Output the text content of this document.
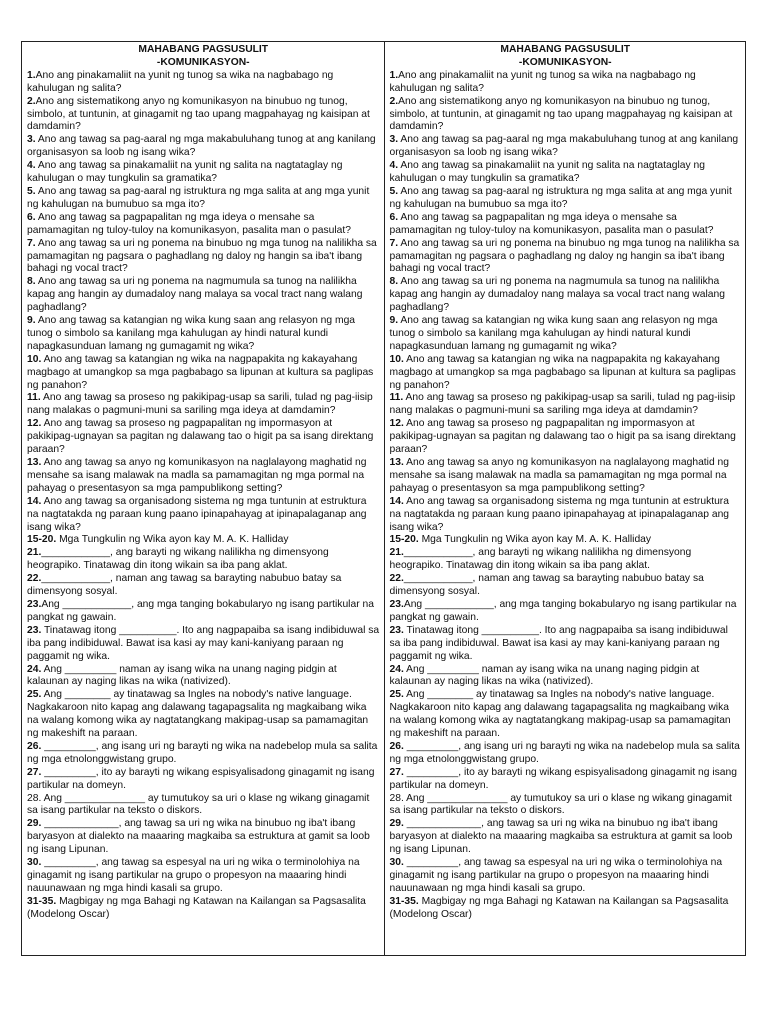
MAHABANG PAGSUSULIT
-KOMUNIKASYON-
1.Ano ang pinakamaliit na yunit ng tunog sa wika na nagbabago ng kahulugan ng salita?
2.Ano ang sistematikong anyo ng komunikasyon na binubuo ng tunog, simbolo, at tuntunin, at ginagamit ng tao upang magpahayag ng kaisipan at damdamin?
3. Ano ang tawag sa pag-aaral ng mga makabuluhang tunog at ang kanilang organisasyon sa loob ng isang wika?
4. Ano ang tawag sa pinakamaliit na yunit ng salita na nagtataglay ng kahulugan o may tungkulin sa gramatika?
5. Ano ang tawag sa pag-aaral ng istruktura ng mga salita at ang mga yunit ng kahulugan na bumubuo sa mga ito?
6. Ano ang tawag sa pagpapalitan ng mga ideya o mensahe sa pamamagitan ng tuloy-tuloy na komunikasyon, pasalita man o pasulat?
7. Ano ang tawag sa uri ng ponema na binubuo ng mga tunog na nalilikha sa pamamagitan ng pagsara o paghadlang ng daloy ng hangin sa iba't ibang bahagi ng vocal tract?
8. Ano ang tawag sa uri ng ponema na nagmumula sa tunog na nalilikha kapag ang hangin ay dumadaloy nang malaya sa vocal tract nang walang paghadlang?
9. Ano ang tawag sa katangian ng wika kung saan ang relasyon ng mga tunog o simbolo sa kanilang mga kahulugan ay hindi natural kundi napagkasunduan lamang ng gumagamit ng wika?
10. Ano ang tawag sa katangian ng wika na nagpapakita ng kakayahang magbago at umangkop sa mga pagbabago sa lipunan at kultura sa paglipas ng panahon?
11. Ano ang tawag sa proseso ng pakikipag-usap sa sarili, tulad ng pag-iisip nang malakas o pagmuni-muni sa sariling mga ideya at damdamin?
12. Ano ang tawag sa proseso ng pagpapalitan ng impormasyon at pakikipag-ugnayan sa pagitan ng dalawang tao o higit pa sa isang direktang paraan?
13. Ano ang tawag sa anyo ng komunikasyon na naglalayong maghatid ng mensahe sa isang malawak na madla sa pamamagitan ng mga pormal na pahayag o presentasyon sa mga pampublikong setting?
14. Ano ang tawag sa organisadong sistema ng mga tuntunin at estruktura na nagtatakda ng paraan kung paano ipinapahayag at ipinapalaganap ang isang wika?
15-20. Mga Tungkulin ng Wika ayon kay M. A. K. Halliday
21.____________, ang barayti ng wikang nalilikha ng dimensyong heograpiko. Tinatawag din itong wikain sa iba pang aklat.
22.____________, naman ang tawag sa barayting nabubuo batay sa dimensyong sosyal.
23.Ang ____________, ang mga tanging bokabularyo ng isang partikular na pangkat ng gawain.
23. Tinatawag itong __________. Ito ang nagpapaiba sa isang indibiduwal sa iba pang indibiduwal. Bawat isa kasi ay may kani-kaniyang paraan ng paggamit ng wika.
24. Ang _________ naman ay isang wika na unang naging pidgin at kalaunan ay naging likas na wika (nativized).
25. Ang ________ ay tinatawag sa Ingles na nobody's native language. Nagkakaroon nito kapag ang dalawang tagapagsalita ng magkaibang wika na walang komong wika ay nagtatangkang makipag-usap sa pamamagitan ng makeshift na paraan.
26. _________, ang isang uri ng barayti ng wika na nadebelop mula sa salita ng mga etnolonggwistang grupo.
27. _________, ito ay barayti ng wikang espisyalisadong ginagamit ng isang partikular na domeyn.
28. Ang ______________ ay tumutukoy sa uri o klase ng wikang ginagamit sa isang partikular na teksto o diskors.
29. _____________, ang tawag sa uri ng wika na binubuo ng iba't ibang baryasyon at dialekto na maaaring magkaiba sa estruktura at gamit sa loob ng isang Lipunan.
30. _________, ang tawag sa espesyal na uri ng wika o terminolohiya na ginagamit ng isang partikular na grupo o propesyon na maaaring hindi nauunawaan ng mga hindi kasali sa grupo.
31-35. Magbigay ng mga Bahagi ng Katawan na Kailangan sa Pagsasalita (Modelong Oscar)
MAHABANG PAGSUSULIT
-KOMUNIKASYON-
1.Ano ang pinakamaliit na yunit ng tunog sa wika na nagbabago ng kahulugan ng salita?
2.Ano ang sistematikong anyo ng komunikasyon na binubuo ng tunog, simbolo, at tuntunin, at ginagamit ng tao upang magpahayag ng kaisipan at damdamin?
3. Ano ang tawag sa pag-aaral ng mga makabuluhang tunog at ang kanilang organisasyon sa loob ng isang wika?
4. Ano ang tawag sa pinakamaliit na yunit ng salita na nagtataglay ng kahulugan o may tungkulin sa gramatika?
5. Ano ang tawag sa pag-aaral ng istruktura ng mga salita at ang mga yunit ng kahulugan na bumubuo sa mga ito?
6. Ano ang tawag sa pagpapalitan ng mga ideya o mensahe sa pamamagitan ng tuloy-tuloy na komunikasyon, pasalita man o pasulat?
7. Ano ang tawag sa uri ng ponema na binubuo ng mga tunog na nalilikha sa pamamagitan ng pagsara o paghadlang ng daloy ng hangin sa iba't ibang bahagi ng vocal tract?
8. Ano ang tawag sa uri ng ponema na nagmumula sa tunog na nalilikha kapag ang hangin ay dumadaloy nang malaya sa vocal tract nang walang paghadlang?
9. Ano ang tawag sa katangian ng wika kung saan ang relasyon ng mga tunog o simbolo sa kanilang mga kahulugan ay hindi natural kundi napagkasunduan lamang ng gumagamit ng wika?
10. Ano ang tawag sa katangian ng wika na nagpapakita ng kakayahang magbago at umangkop sa mga pagbabago sa lipunan at kultura sa paglipas ng panahon?
11. Ano ang tawag sa proseso ng pakikipag-usap sa sarili, tulad ng pag-iisip nang malakas o pagmuni-muni sa sariling mga ideya at damdamin?
12. Ano ang tawag sa proseso ng pagpapalitan ng impormasyon at pakikipag-ugnayan sa pagitan ng dalawang tao o higit pa sa isang direktang paraan?
13. Ano ang tawag sa anyo ng komunikasyon na naglalayong maghatid ng mensahe sa isang malawak na madla sa pamamagitan ng mga pormal na pahayag o presentasyon sa mga pampublikong setting?
14. Ano ang tawag sa organisadong sistema ng mga tuntunin at estruktura na nagtatakda ng paraan kung paano ipinapahayag at ipinapalaganap ang isang wika?
15-20. Mga Tungkulin ng Wika ayon kay M. A. K. Halliday
21.____________, ang barayti ng wikang nalilikha ng dimensyong heograpiko. Tinatawag din itong wikain sa iba pang aklat.
22.____________, naman ang tawag sa barayting nabubuo batay sa dimensyong sosyal.
23.Ang ____________, ang mga tanging bokabularyo ng isang partikular na pangkat ng gawain.
23. Tinatawag itong __________. Ito ang nagpapaiba sa isang indibiduwal sa iba pang indibiduwal. Bawat isa kasi ay may kani-kaniyang paraan ng paggamit ng wika.
24. Ang _________ naman ay isang wika na unang naging pidgin at kalaunan ay naging likas na wika (nativized).
25. Ang ________ ay tinatawag sa Ingles na nobody's native language. Nagkakaroon nito kapag ang dalawang tagapagsalita ng magkaibang wika na walang komong wika ay nagtatangkang makipag-usap sa pamamagitan ng makeshift na paraan.
26. _________, ang isang uri ng barayti ng wika na nadebelop mula sa salita ng mga etnolonggwistang grupo.
27. _________, ito ay barayti ng wikang espisyalisadong ginagamit ng isang partikular na domeyn.
28. Ang ______________ ay tumutukoy sa uri o klase ng wikang ginagamit sa isang partikular na teksto o diskors.
29. _____________, ang tawag sa uri ng wika na binubuo ng iba't ibang baryasyon at dialekto na maaaring magkaiba sa estruktura at gamit sa loob ng isang Lipunan.
30. _________, ang tawag sa espesyal na uri ng wika o terminolohiya na ginagamit ng isang partikular na grupo o propesyon na maaaring hindi nauunawaan ng mga hindi kasali sa grupo.
31-35. Magbigay ng mga Bahagi ng Katawan na Kailangan sa Pagsasalita (Modelong Oscar)
